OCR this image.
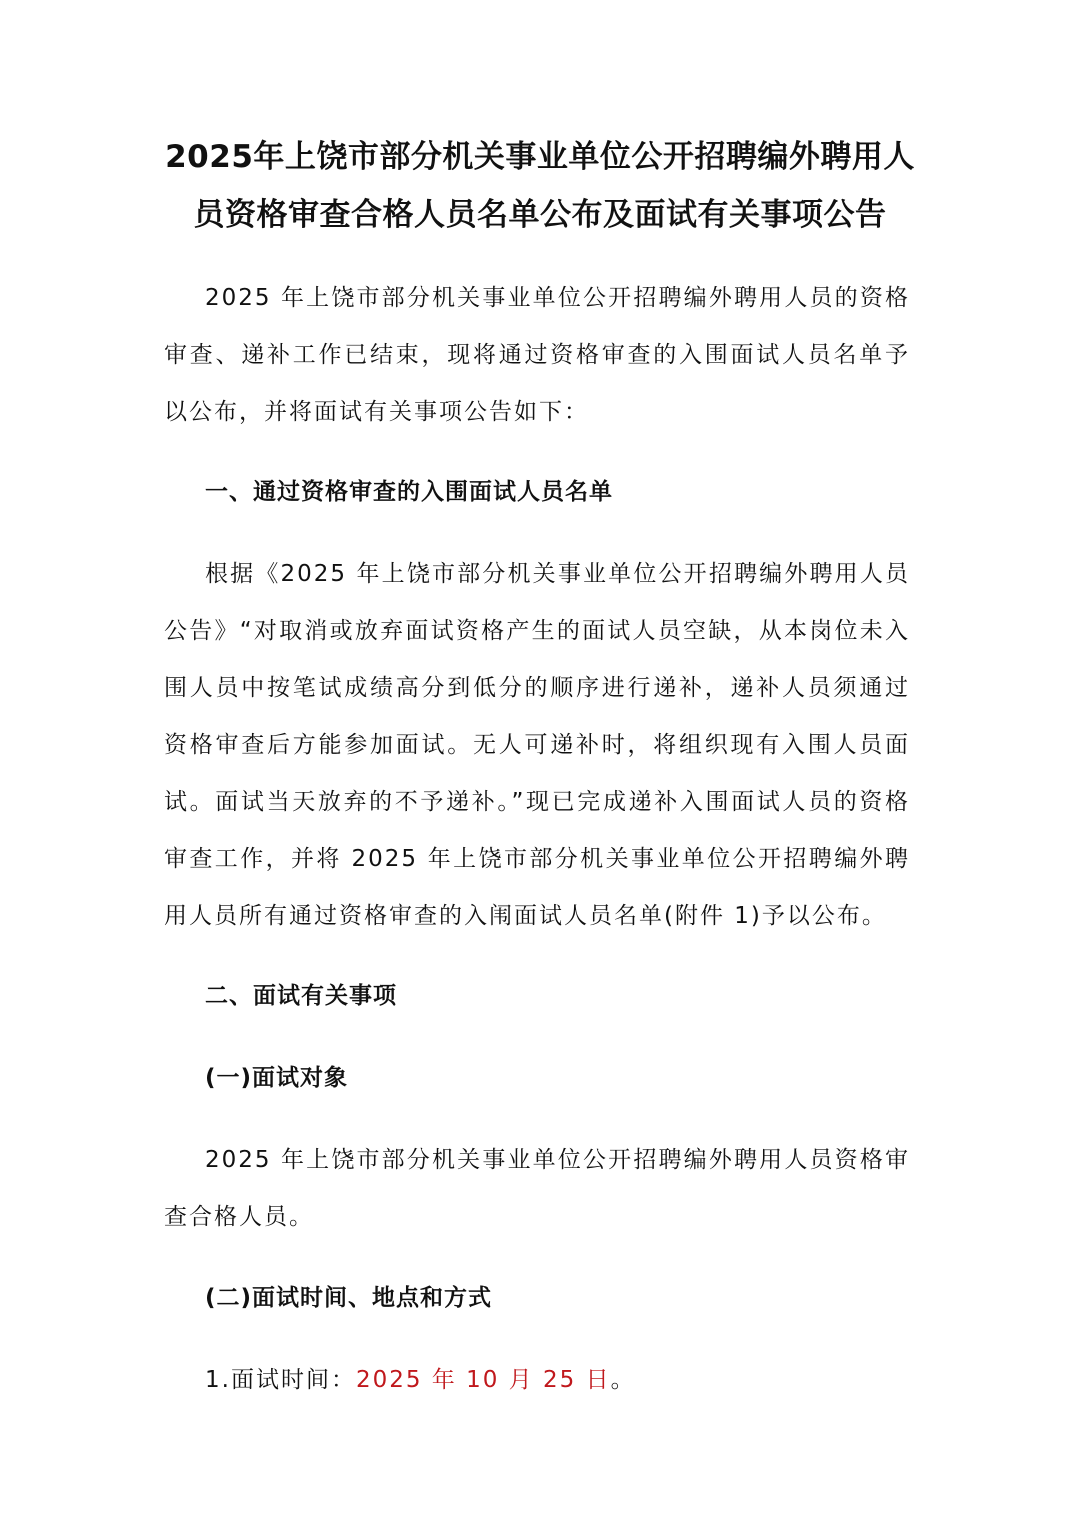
2025年上饶市部分机关事业单位公开招聘编外聘用人
员资格审查合格人员名单公布及面试有关事项公告

2025 年上饶市部分机关事业单位公开招聘编外聘用人员的资格审查、递补工作已结束，现将通过资格审查的入围面试人员名单予以公布，并将面试有关事项公告如下：

一、通过资格审查的入围面试人员名单

根据《2025 年上饶市部分机关事业单位公开招聘编外聘用人员公告》“对取消或放弃面试资格产生的面试人员空缺，从本岗位未入围人员中按笔试成绩高分到低分的顺序进行递补，递补人员须通过资格审查后方能参加面试。无人可递补时，将组织现有入围人员面试。面试当天放弃的不予递补。”现已完成递补入围面试人员的资格审查工作，并将 2025 年上饶市部分机关事业单位公开招聘编外聘用人员所有通过资格审查的入闱面试人员名单(附件 1)予以公布。

二、面试有关事项
(一)面试对象

2025 年上饶市部分机关事业单位公开招聘编外聘用人员资格审查合格人员。

(二)面试时间、地点和方式

1.面试时间：2025 年 10 月 25 日。
